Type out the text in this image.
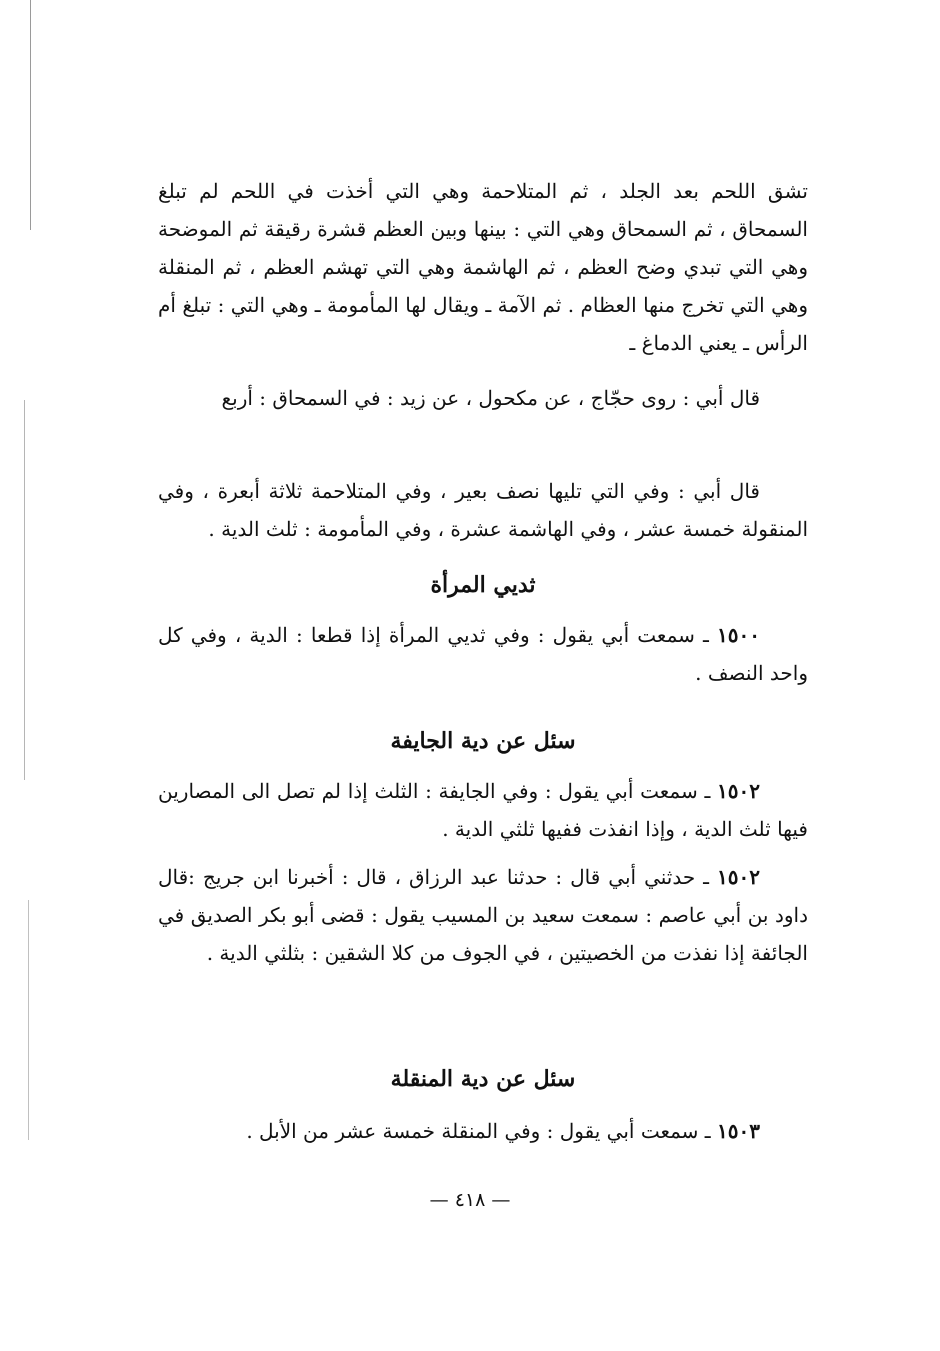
تشق اللحم بعد الجلد ، ثم المتلاحمة وهي التي أخذت في اللحم لم تبلغ السمحاق ، ثم السمحاق وهي التي : بينها وبين العظم قشرة رقيقة ثم الموضحة وهي التي تبدي وضح العظم ، ثم الهاشمة وهي التي تهشم العظم ، ثم المنقلة وهي التي تخرج منها العظام . ثم الآمة ـ ويقال لها المأمومة ـ وهي التي : تبلغ أم الرأس ـ يعني الدماغ ـ

قال أبي : روى حجّاج ، عن مكحول ، عن زيد : في السمحاق : أربع

قال أبي : وفي التي تليها نصف بعير ، وفي المتلاحمة ثلاثة أبعرة ، وفي المنقولة خمسة عشر ، وفي الهاشمة عشرة ، وفي المأمومة : ثلث الدية .

ثديي المرأة

١٥٠٠ ـ سمعت أبي يقول : وفي ثديي المرأة إذا قطعا : الدية ، وفي كل واحد النصف .

سئل عن دية الجايفة

١٥٠٢ ـ سمعت أبي يقول : وفي الجايفة : الثلث إذا لم تصل الى المصارين فيها ثلث الدية ، وإذا انفذت ففيها ثلثي الدية .

١٥٠٢ ـ حدثني أبي قال : حدثنا عبد الرزاق ، قال : أخبرنا ابن جريج :قال داود بن أبي عاصم : سمعت سعيد بن المسيب يقول : قضى أبو بكر الصديق في الجائفة إذا نفذت من الخصيتين ، في الجوف من كلا الشقين : بثلثي الدية .

سئل عن دية المنقلة

١٥٠٣ ـ سمعت أبي يقول : وفي المنقلة خمسة عشر من الأبل .

— ٤١٨ —
